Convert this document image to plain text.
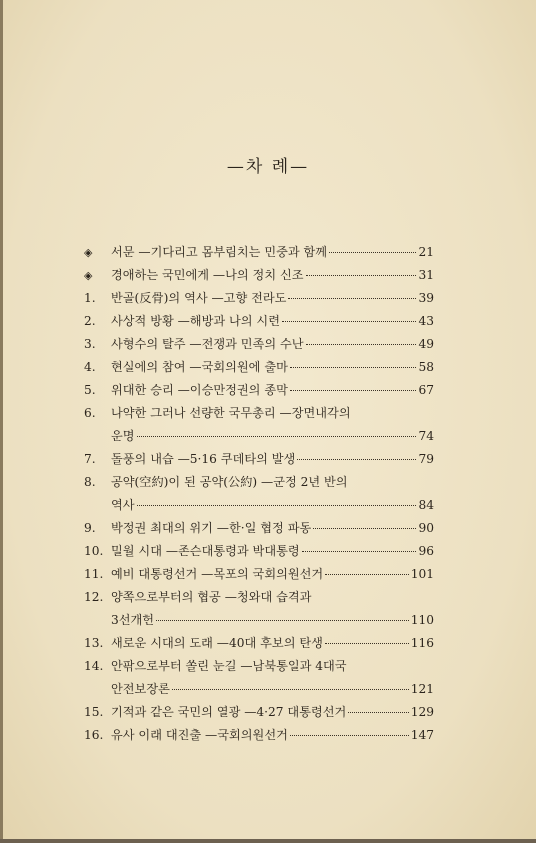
—차 례—
◈	서문 —기다리고 몸부림치는 민중과 함께	21
◈	경애하는 국민에게 —나의 정치 신조	31
1.	반골(反骨)의 역사 —고향 전라도	39
2.	사상적 방황 —해방과 나의 시련	43
3.	사형수의 탈주 —전쟁과 민족의 수난	49
4.	현실에의 참여 —국회의원에 출마	58
5.	위대한 승리 —이승만정권의 종막	67
6.	나약한 그러나 선량한 국무총리 —장면내각의
운명	74
7.	돌풍의 내습 —5·16 쿠데타의 발생	79
8.	공약(空約)이 된 공약(公約) —군정 2년 반의
역사	84
9.	박정권 최대의 위기 —한·일 협정 파동	90
10. 밀월 시대 —존슨대통령과 박대통령	96
11. 예비 대통령선거 —목포의 국회의원선거	101
12. 양쪽으로부터의 협공 —청와대 습격과
3선개헌	110
13. 새로운 시대의 도래 —40대 후보의 탄생	116
14. 안팎으로부터 쏠린 눈길 —남북통일과 4대국
안전보장론	121
15. 기적과 같은 국민의 열광 —4·27 대통령선거	129
16. 유사 이래 대진출 —국회의원선거	147
